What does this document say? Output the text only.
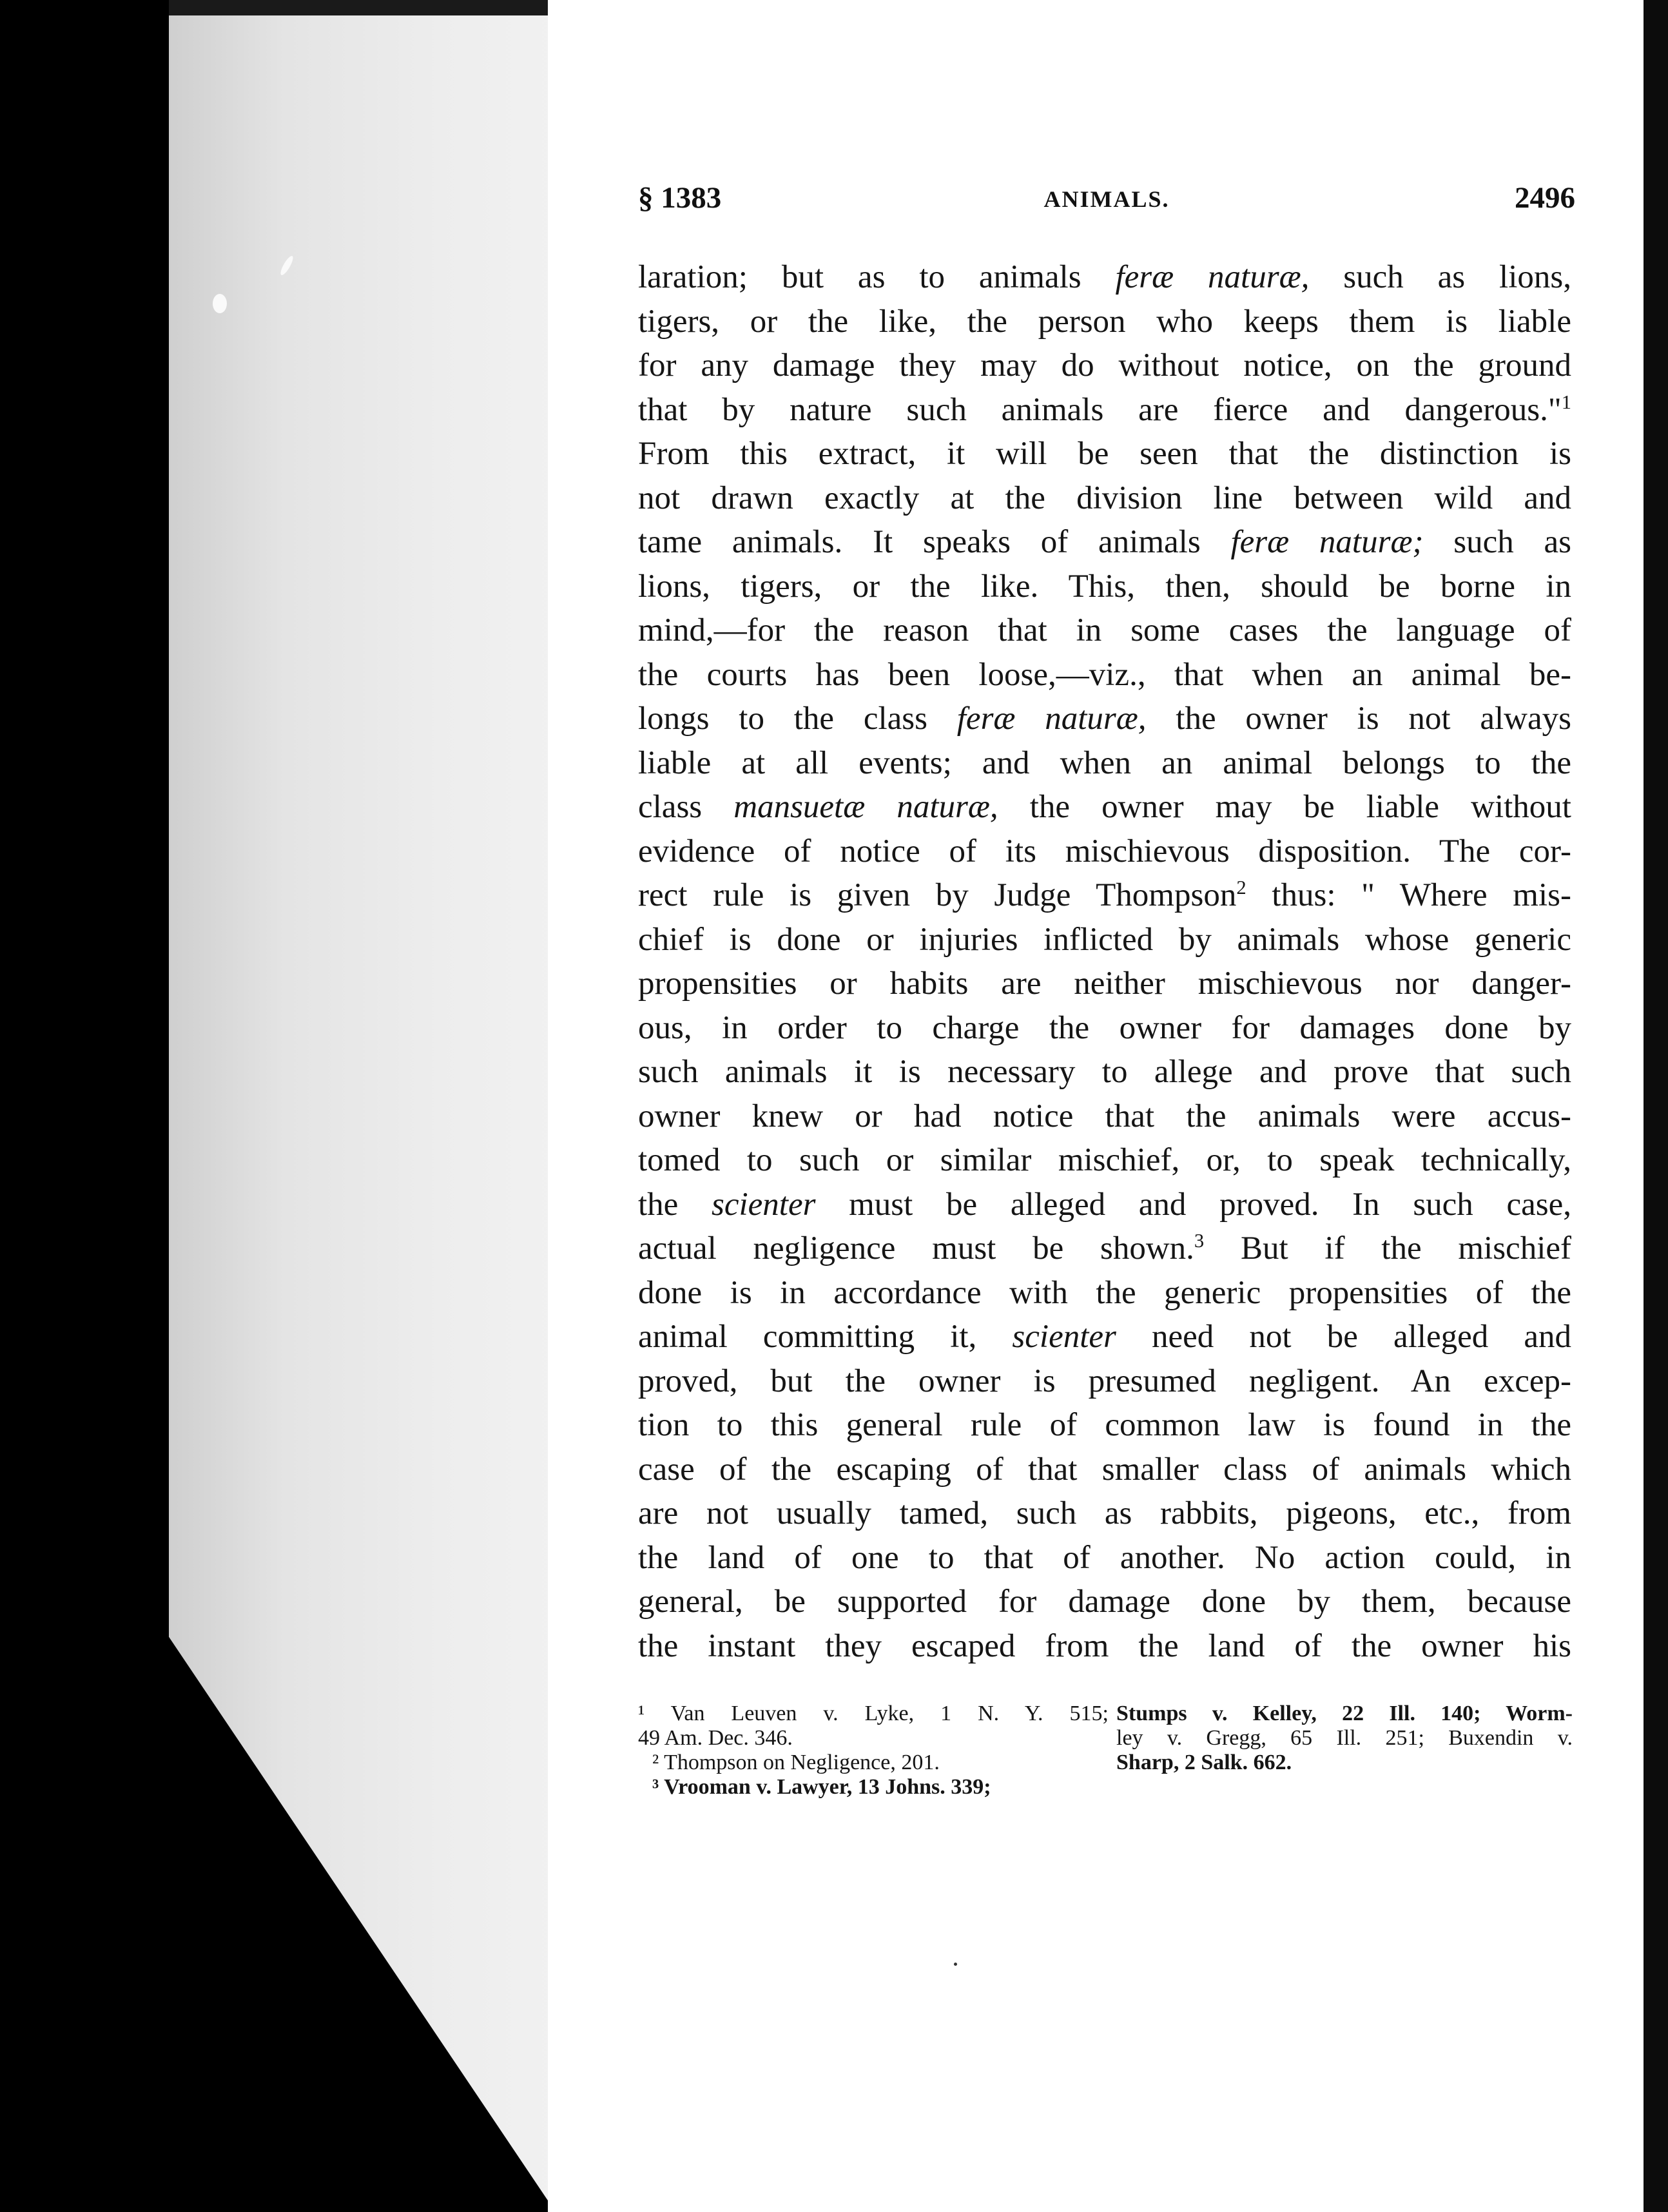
§ 1383	ANIMALS.	2496
laration; but as to animals feræ naturæ, such as lions,
tigers, or the like, the person who keeps them is liable
for any damage they may do without notice, on the ground
that by nature such animals are fierce and dangerous."$^1$
From this extract, it will be seen that the distinction is
not drawn exactly at the division line between wild and
tame animals. It speaks of animals feræ naturæ; such as
lions, tigers, or the like. This, then, should be borne in
mind,—for the reason that in some cases the language of
the courts has been loose,—viz., that when an animal be-
longs to the class feræ naturæ, the owner is not always
liable at all events; and when an animal belongs to the
class mansuetæ naturæ, the owner may be liable without
evidence of notice of its mischievous disposition. The cor-
rect rule is given by Judge Thompson$^2$ thus: " Where mis-
chief is done or injuries inflicted by animals whose generic
propensities or habits are neither mischievous nor danger-
ous, in order to charge the owner for damages done by
such animals it is necessary to allege and prove that such
owner knew or had notice that the animals were accus-
tomed to such or similar mischief, or, to speak technically,
the scienter must be alleged and proved. In such case,
actual negligence must be shown.$^3$ But if the mischief
done is in accordance with the generic propensities of the
animal committing it, scienter need not be alleged and
proved, but the owner is presumed negligent. An excep-
tion to this general rule of common law is found in the
case of the escaping of that smaller class of animals which
are not usually tamed, such as rabbits, pigeons, etc., from
the land of one to that of another. No action could, in
general, be supported for damage done by them, because
the instant they escaped from the land of the owner his
¹ Van Leuven v. Lyke, 1 N. Y. 515;
49 Am. Dec. 346.
² Thompson on Negligence, 201.
³ Vrooman v. Lawyer, 13 Johns. 339;
Stumps v. Kelley, 22 Ill. 140; Worm-
ley v. Gregg, 65 Ill. 251; Buxendin v.
Sharp, 2 Salk. 662.
